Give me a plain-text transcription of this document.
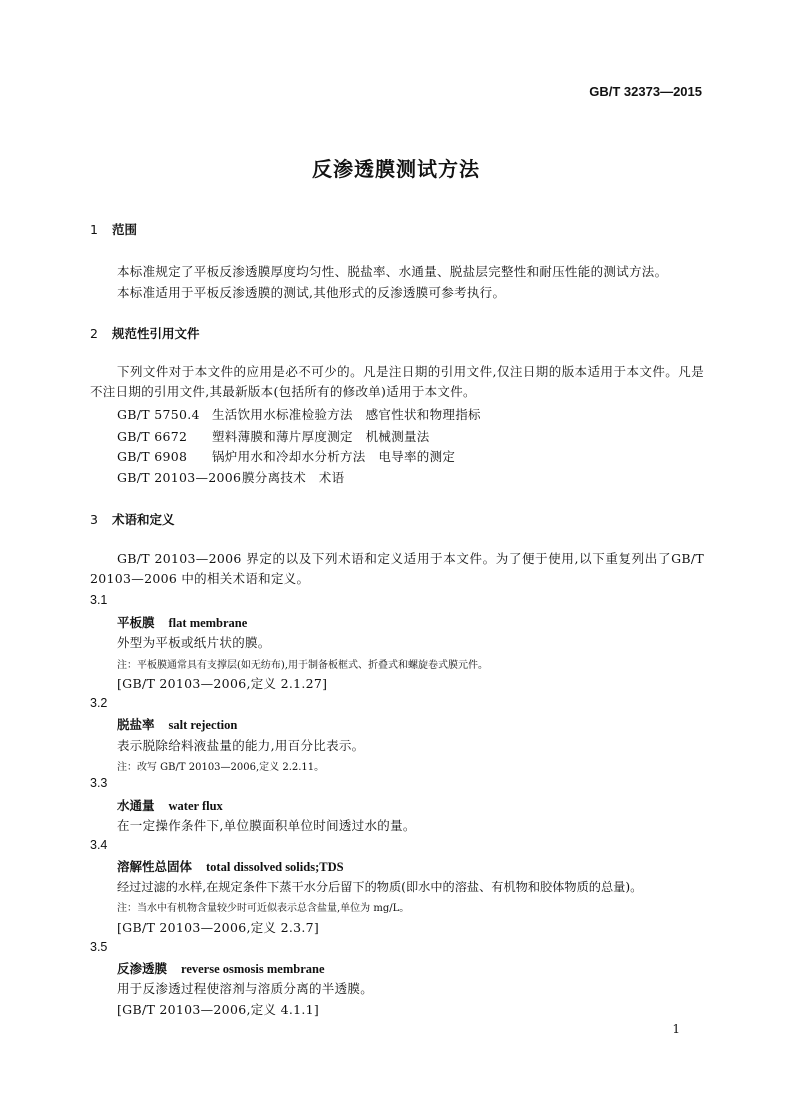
GB/T 32373—2015
反渗透膜测试方法
1 范围
本标准规定了平板反渗透膜厚度均匀性、脱盐率、水通量、脱盐层完整性和耐压性能的测试方法。
本标准适用于平板反渗透膜的测试,其他形式的反渗透膜可参考执行。
2 规范性引用文件
下列文件对于本文件的应用是必不可少的。凡是注日期的引用文件,仅注日期的版本适用于本文件。凡是不注日期的引用文件,其最新版本(包括所有的修改单)适用于本文件。
GB/T 5750.4 生活饮用水标准检验方法　感官性状和物理指标
GB/T 6672 塑料薄膜和薄片厚度测定　机械测量法
GB/T 6908 锅炉用水和冷却水分析方法　电导率的测定
GB/T 20103—2006膜分离技术　术语
3 术语和定义
GB/T 20103—2006 界定的以及下列术语和定义适用于本文件。为了便于使用,以下重复列出了GB/T 20103—2006 中的相关术语和定义。
3.1
平板膜 flat membrane
外型为平板或纸片状的膜。
注：平板膜通常具有支撑层(如无纺布),用于制备板框式、折叠式和螺旋卷式膜元件。
[GB/T 20103—2006,定义 2.1.27]
3.2
脱盐率 salt rejection
表示脱除给料液盐量的能力,用百分比表示。
注：改写 GB/T 20103—2006,定义 2.2.11。
3.3
水通量 water flux
在一定操作条件下,单位膜面积单位时间透过水的量。
3.4
溶解性总固体 total dissolved solids;TDS
经过过滤的水样,在规定条件下蒸干水分后留下的物质(即水中的溶盐、有机物和胶体物质的总量)。
注：当水中有机物含量较少时可近似表示总含盐量,单位为 mg/L。
[GB/T 20103—2006,定义 2.3.7]
3.5
反渗透膜 reverse osmosis membrane
用于反渗透过程使溶剂与溶质分离的半透膜。
[GB/T 20103—2006,定义 4.1.1]
1
